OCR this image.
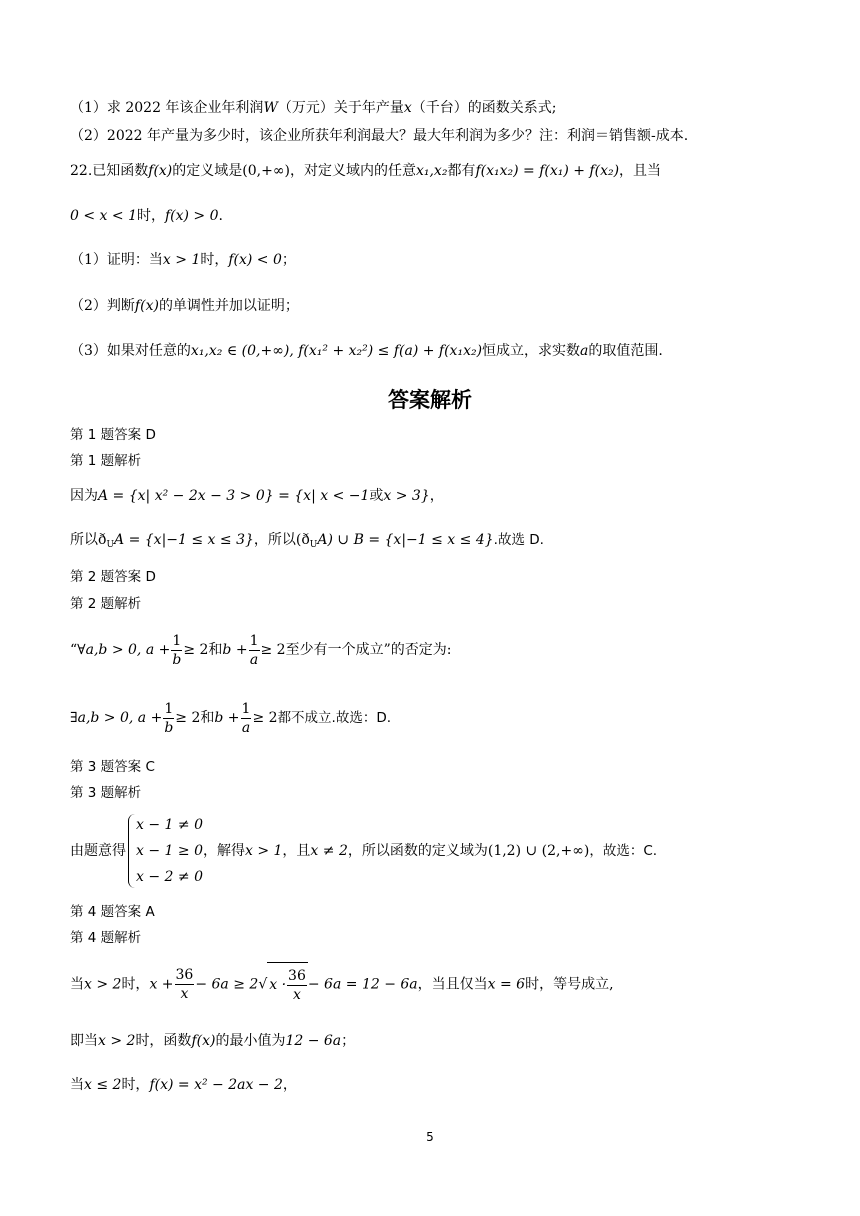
（1）求 2022 年该企业年利润W（万元）关于年产量x（千台）的函数关系式;
（2）2022 年产量为多少时，该企业所获年利润最大？最大年利润为多少？注：利润＝销售额-成本.
22.已知函数f(x)的定义域是(0,+∞)，对定义域内的任意x₁,x₂都有f(x₁x₂) = f(x₁) + f(x₂)，且当
0 < x < 1时，f(x) > 0.
（1）证明：当x > 1时，f(x) < 0；
（2）判断f(x)的单调性并加以证明；
（3）如果对任意的x₁,x₂ ∈ (0,+∞), f(x₁² + x₂²) ≤ f(a) + f(x₁x₂)恒成立，求实数a的取值范围.
答案解析
第 1 题答案 D
第 1 题解析
因为A = {x| x² − 2x − 3 > 0} = {x| x < −1或x > 3}，
所以$ð_UA = \{x|-1 \le x \le 3\}$，所以$(ð_UA)$ ∪ B = {x|−1 ≤ x ≤ 4}.故选 D.
第 2 题答案 D
第 2 题解析
“∀a,b > 0, $a + \frac{1}{b} \ge 2$和$b + \frac{1}{a} \ge 2$至少有一个成立”的否定为:
∃a,b > 0, $a + \frac{1}{b} \ge 2$和$b + \frac{1}{a} \ge 2$都不成立.故选：D.
第 3 题答案 C
第 3 题解析
由题意得
x − 1 ≠ 0
x − 1 ≥ 0
x − 2 ≠ 0
，解得x > 1，且x ≠ 2，所以函数的定义域为(1,2) ∪ (2,+∞)，故选：C.
第 4 题答案 A
第 4 题解析
当x > 2时，$x + \frac{36}{x} - 6a \ge 2√$ $x \cdot \frac{36}{x} - 6a = 12 - 6a$，当且仅当x = 6时，等号成立,
即当x > 2时，函数f(x)的最小值为12 − 6a；
当x ≤ 2时，f(x) = x² − 2ax − 2，
5
